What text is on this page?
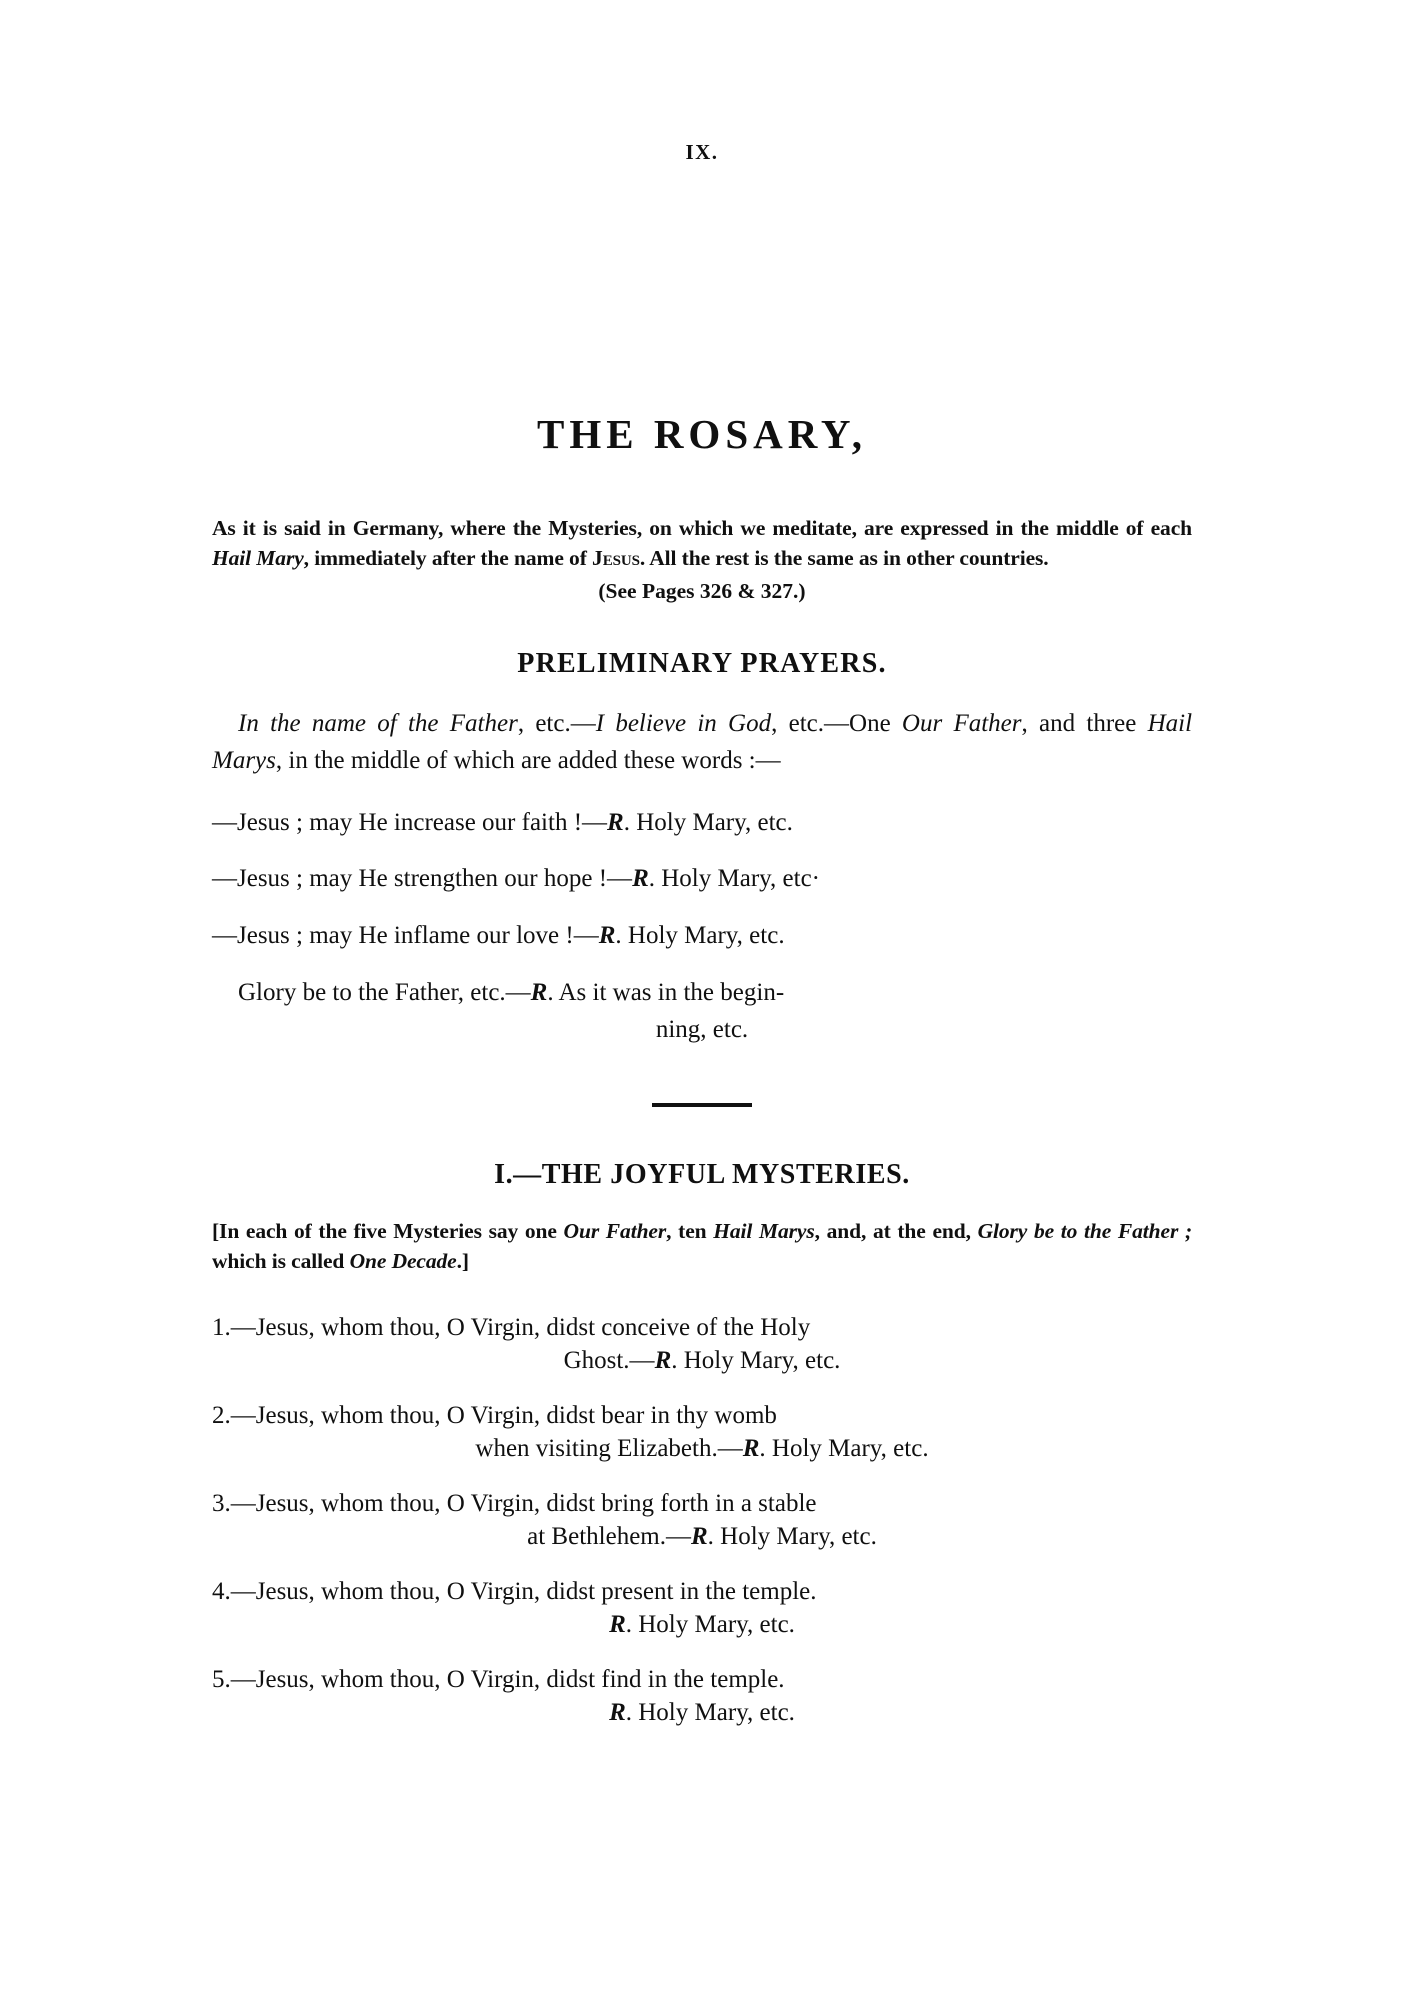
IX.
THE ROSARY,

As it is said in Germany, where the Mysteries, on which we meditate, are expressed in the middle of each Hail Mary, immediately after the name of Jesus. All the rest is the same as in other countries.

(See Pages 326 & 327.)

PRELIMINARY PRAYERS.

In the name of the Father, etc.—I believe in God, etc.—One Our Father, and three Hail Marys, in the middle of which are added these words :—

—Jesus ; may He increase our faith !—R. Holy Mary, etc.

—Jesus ; may He strengthen our hope !—R. Holy Mary, etc·

—Jesus ; may He inflame our love !—R. Holy Mary, etc.

Glory be to the Father, etc.—R. As it was in the begin-

ning, etc.

I.—THE JOYFUL MYSTERIES.

[In each of the five Mysteries say one Our Father, ten Hail Marys, and, at the end, Glory be to the Father ; which is called One Decade.]

1.—Jesus, whom thou, O Virgin, didst conceive of the Holy
Ghost.—R. Holy Mary, etc.

2.—Jesus, whom thou, O Virgin, didst bear in thy womb
when visiting Elizabeth.—R. Holy Mary, etc.

3.—Jesus, whom thou, O Virgin, didst bring forth in a stable
at Bethlehem.—R. Holy Mary, etc.

4.—Jesus, whom thou, O Virgin, didst present in the temple.
R. Holy Mary, etc.

5.—Jesus, whom thou, O Virgin, didst find in the temple.
R. Holy Mary, etc.
